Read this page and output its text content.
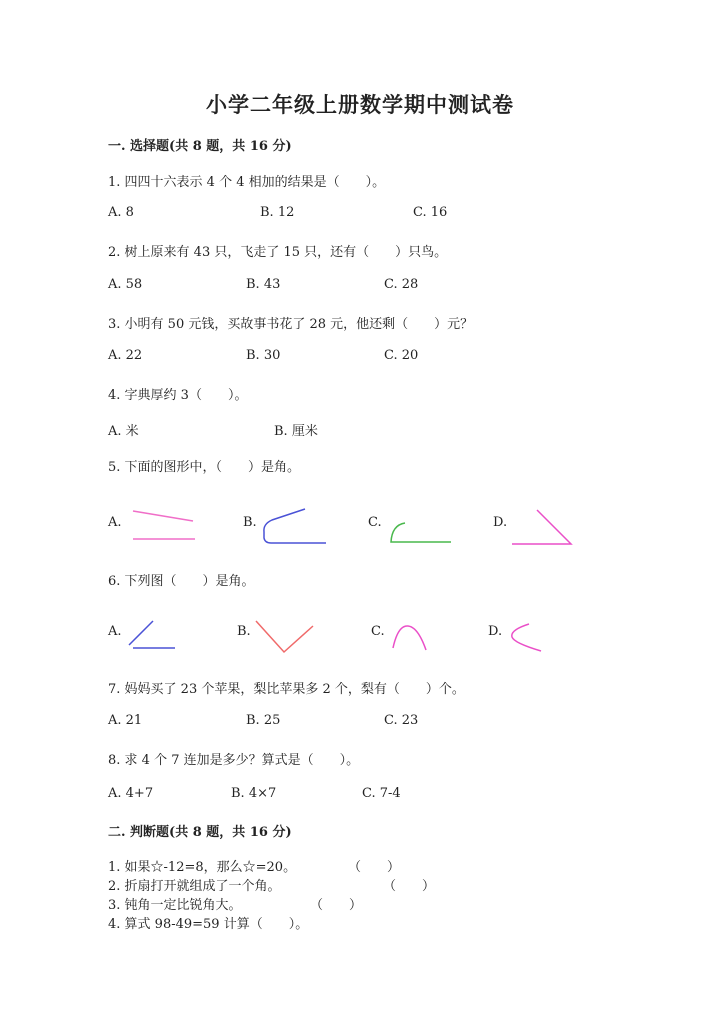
小学二年级上册数学期中测试卷
一. 选择题(共 8 题，共 16 分)
1. 四四十六表示 4 个 4 相加的结果是（　　）。
A. 8	B. 12	C. 16
2. 树上原来有 43 只，飞走了 15 只，还有（　　）只鸟。
A. 58	B. 43	C. 28
3. 小明有 50 元钱，买故事书花了 28 元，他还剩（　　）元？
A. 22	B. 30	C. 20
4. 字典厚约 3（　　）。
A. 米	B. 厘米
5. 下面的图形中，（　　）是角。
A.	B.	C.	D.
6. 下列图（　　）是角。
A.	B.	C.	D.
7. 妈妈买了 23 个苹果，梨比苹果多 2 个，梨有（　　）个。
A. 21	B. 25	C. 23
8. 求 4 个 7 连加是多少？算式是（　　）。
A. 4+7	B. 4×7	C. 7-4
二. 判断题(共 8 题，共 16 分)
1. 如果☆-12=8，那么☆=20。	（　　）
2. 折扇打开就组成了一个角。	（　　）
3. 钝角一定比锐角大。	（　　）
4. 算式 98-49=59 计算（　　）。
